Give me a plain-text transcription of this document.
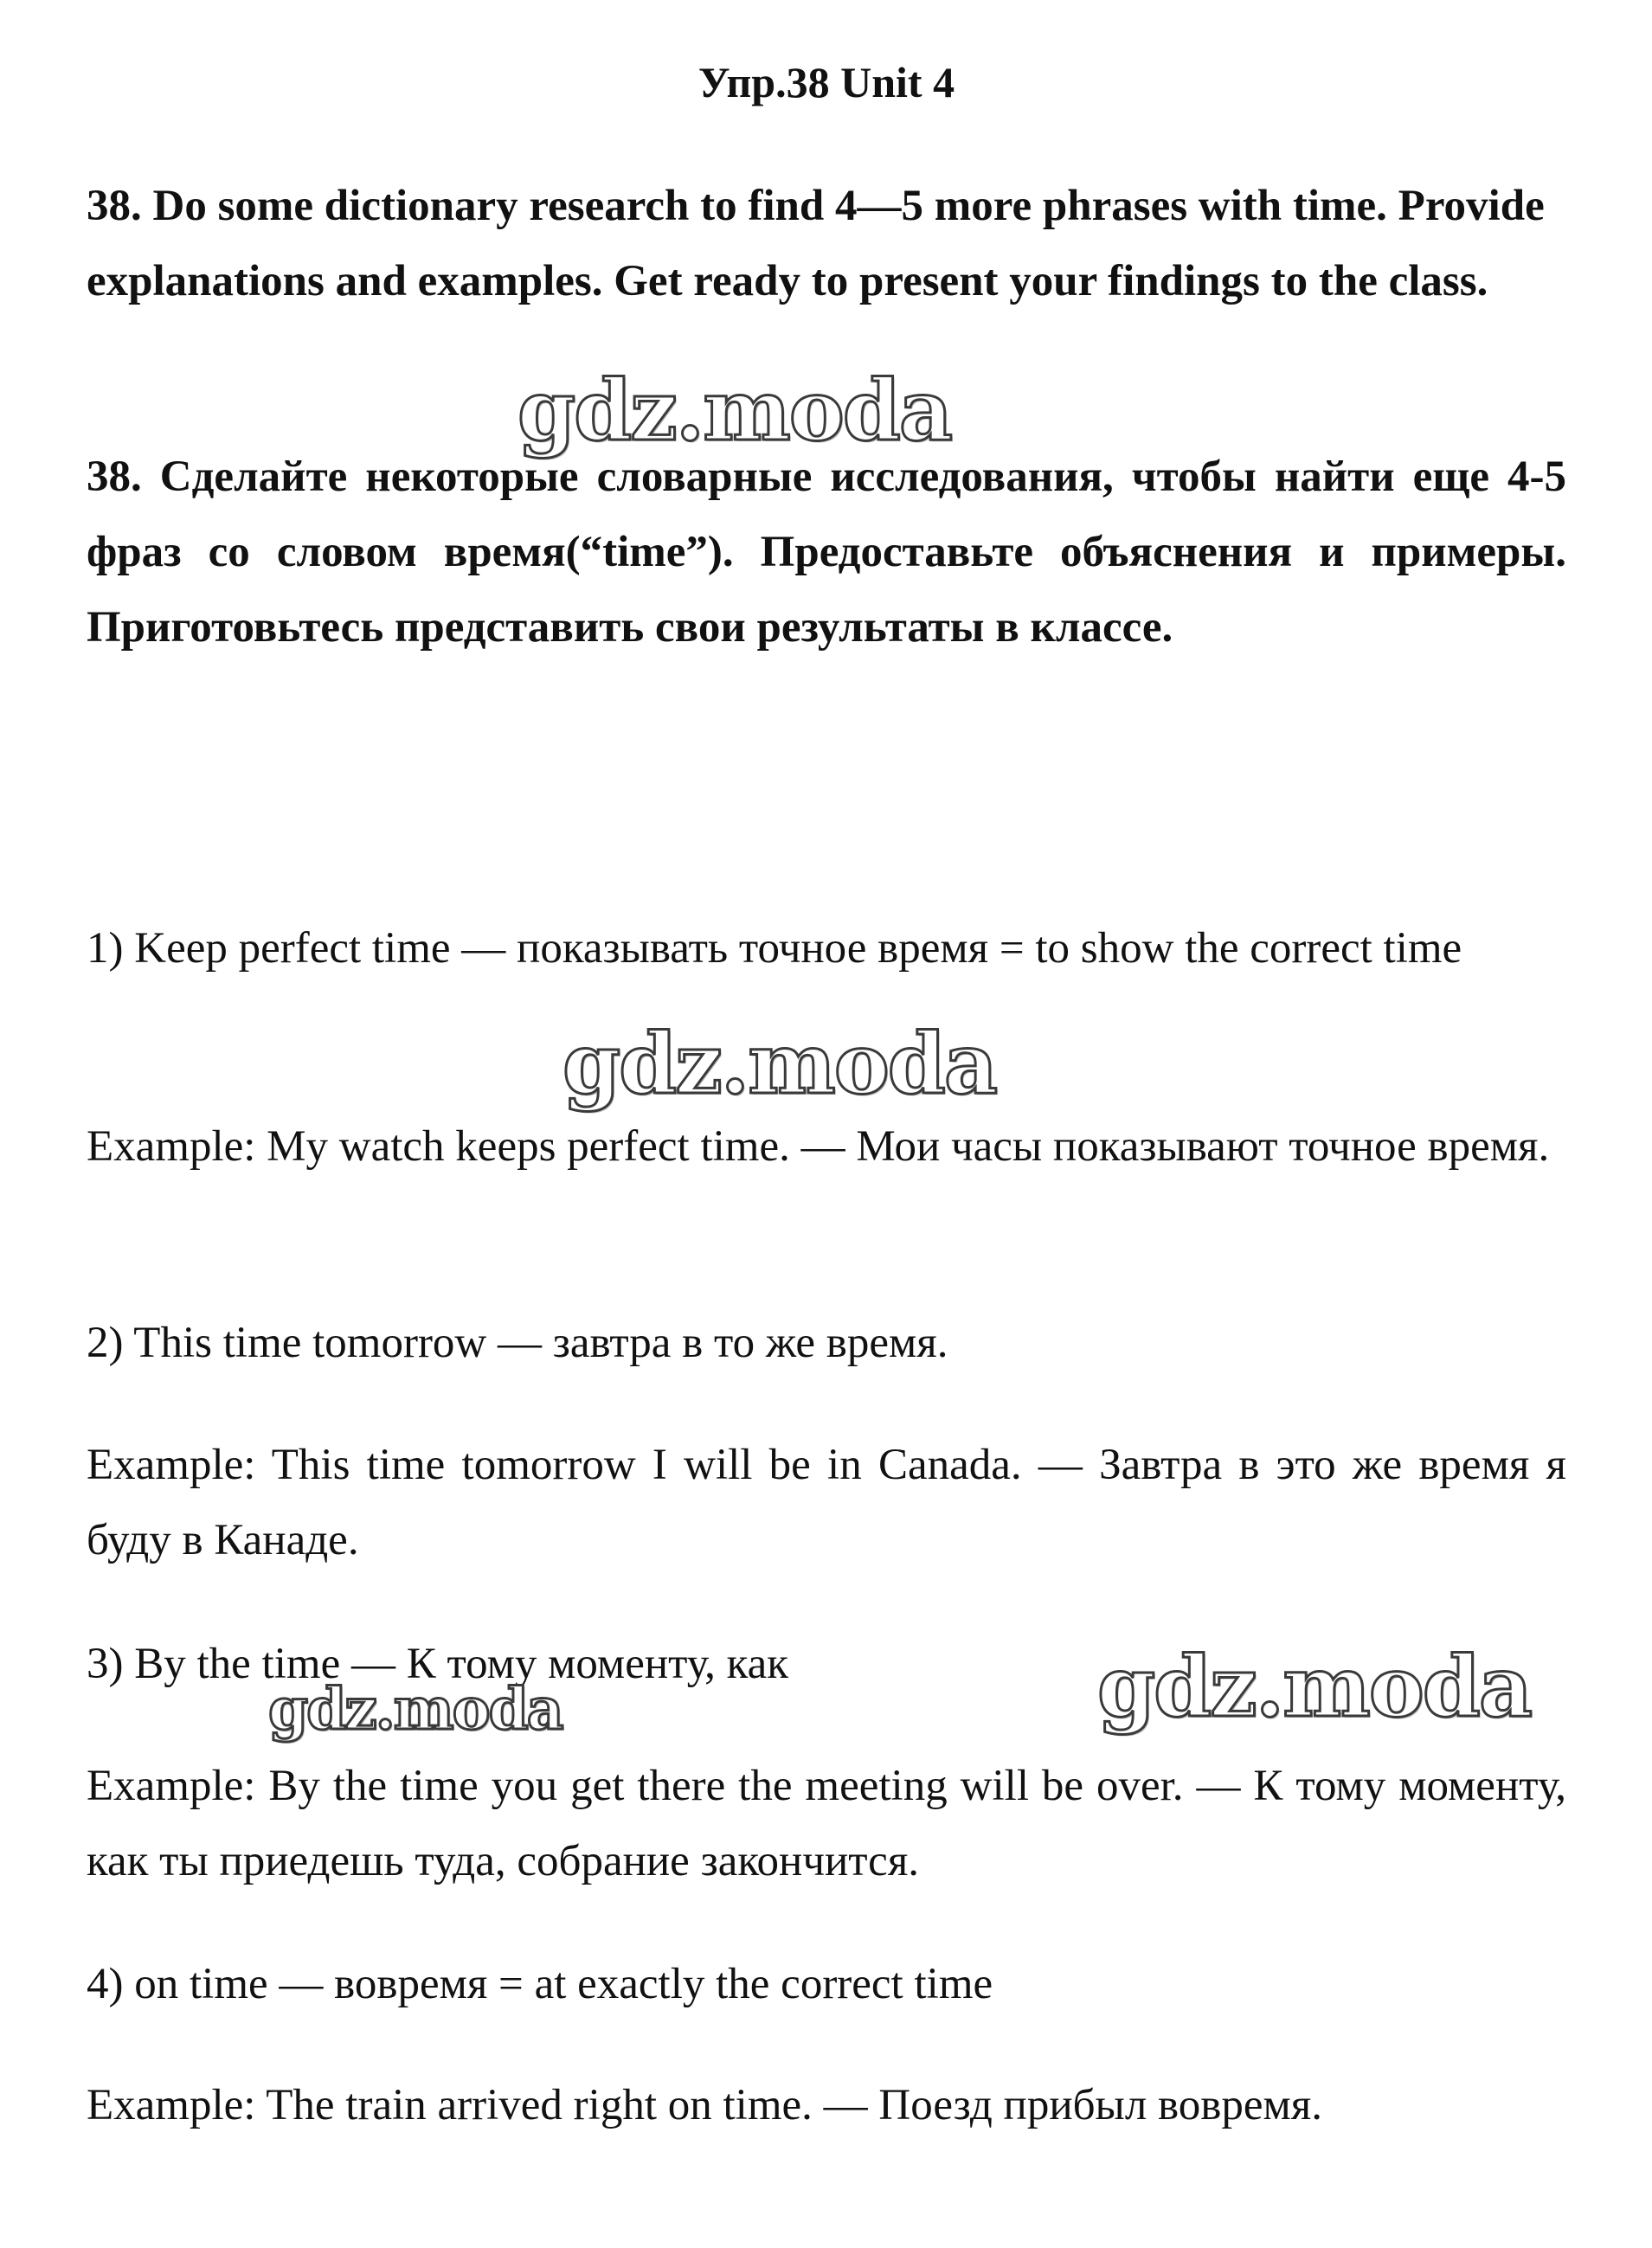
Упр.38 Unit 4
38. Do some dictionary research to find 4—5 more phrases with time. Provide explanations and examples. Get ready to present your findings to the class.
38. Сделайте некоторые словарные исследования, чтобы найти еще 4-5 фраз со словом время(“time”). Предоставьте объяснения и примеры. Приготовьтесь представить свои результаты в классе.
1) Keep perfect time — показывать точное время = to show the correct time
Example: My watch keeps perfect time. — Мои часы показывают точное время.
2) This time tomorrow — завтра в то же время.
Example: This time tomorrow I will be in Canada. — Завтра в это же время я буду в Канаде.
3) By the time — К тому моменту, как
Example: By the time you get there the meeting will be over. — К тому моменту, как ты приедешь туда, собрание закончится.
4) on time — вовремя = at exactly the correct time
Example: The train arrived right on time. — Поезд прибыл вовремя.
gdz.moda
gdz.moda
gdz.moda
gdz.moda
